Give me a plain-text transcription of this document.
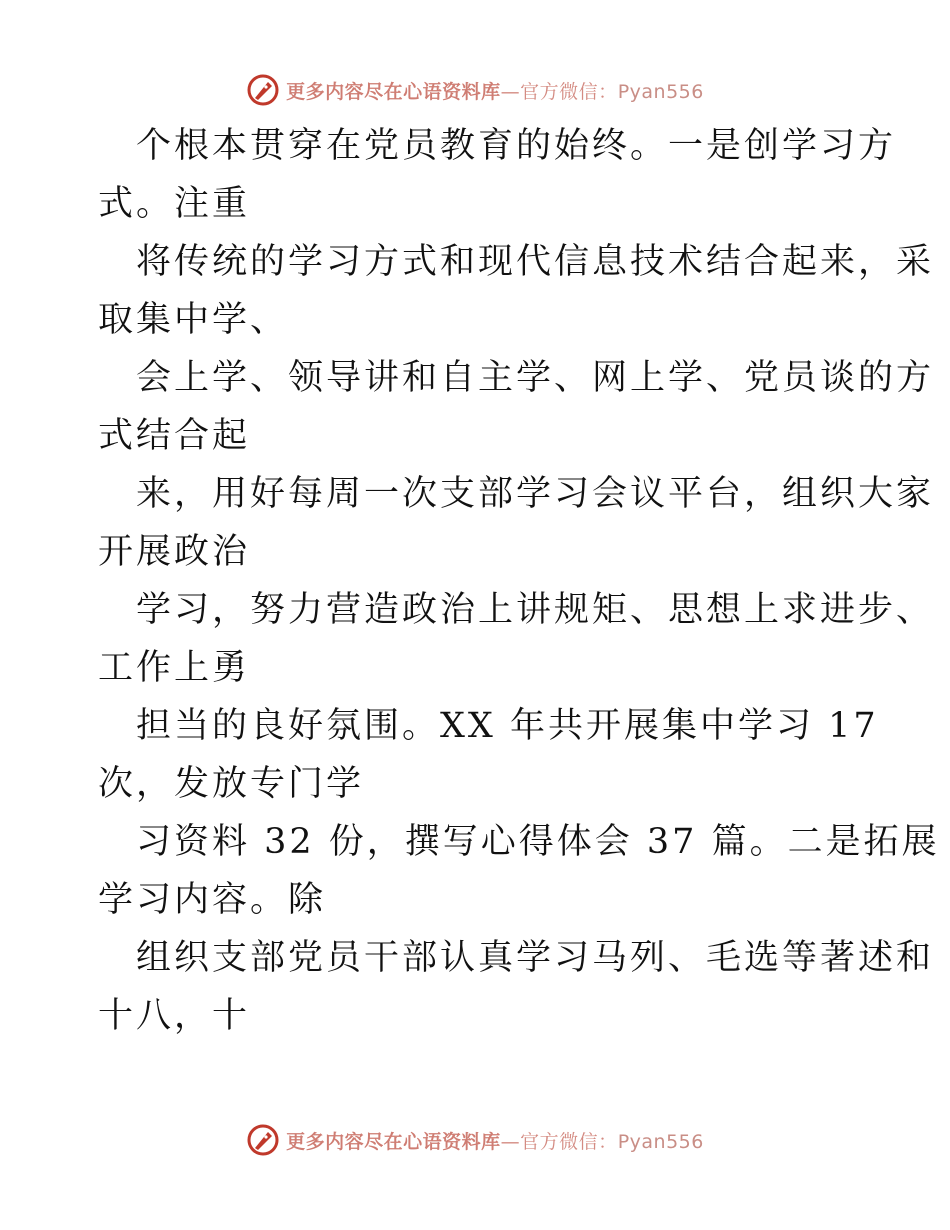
更多内容尽在心语资料库—官方微信：Pyan556
个根本贯穿在党员教育的始终。一是创学习方
式。注重
将传统的学习方式和现代信息技术结合起来，采
取集中学、
会上学、领导讲和自主学、网上学、党员谈的方
式结合起
来，用好每周一次支部学习会议平台，组织大家
开展政治
学习，努力营造政治上讲规矩、思想上求进步、
工作上勇
担当的良好氛围。XX 年共开展集中学习 17
次，发放专门学
习资料 32 份，撰写心得体会 37 篇。二是拓展
学习内容。除
组织支部党员干部认真学习马列、毛选等著述和
十八，十
更多内容尽在心语资料库—官方微信：Pyan556
